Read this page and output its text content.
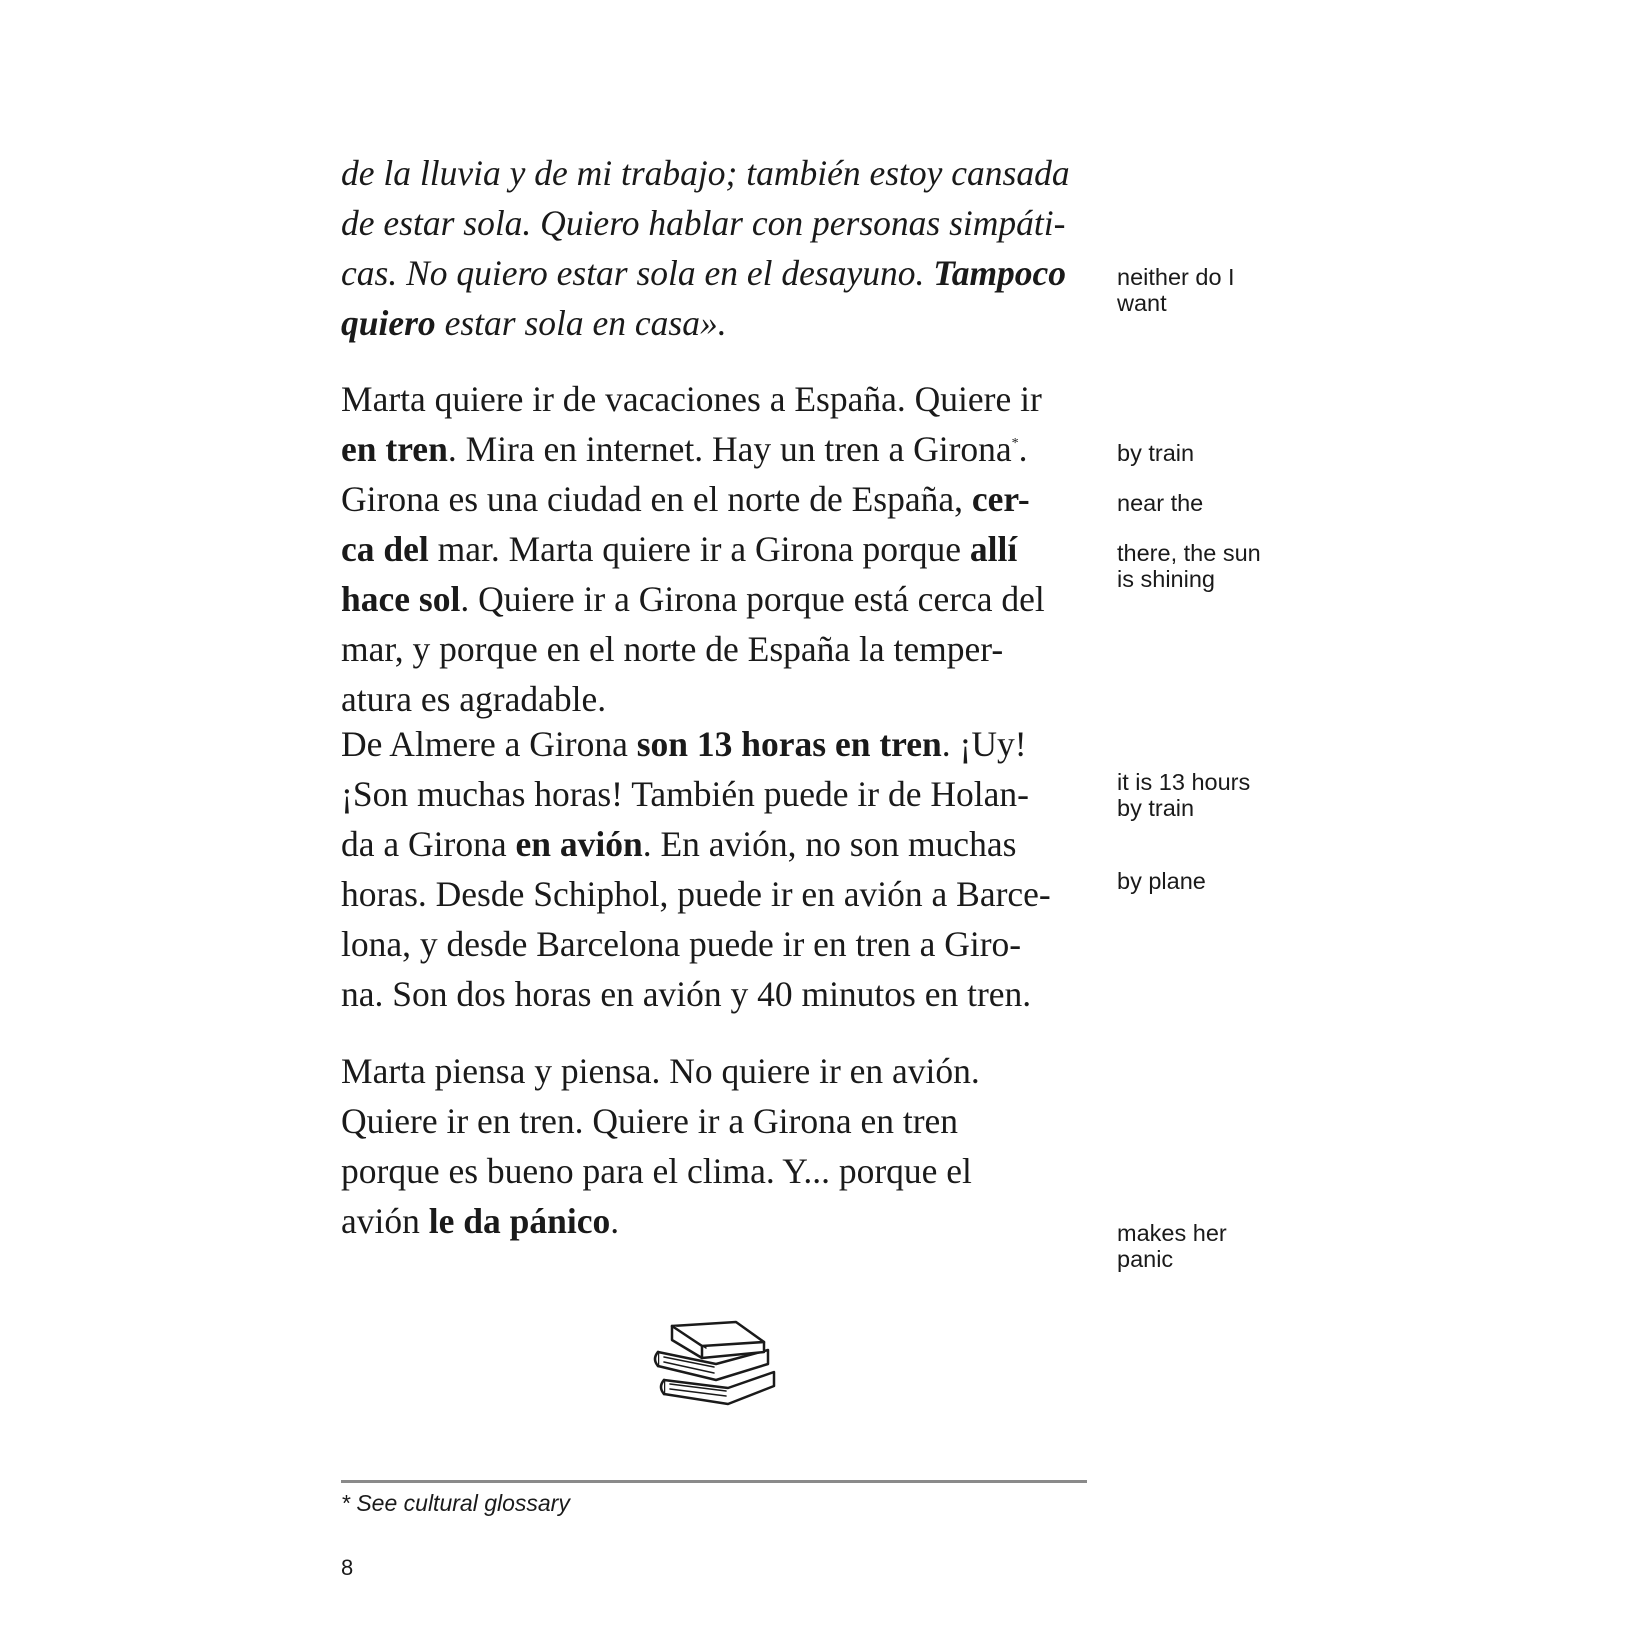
de la lluvia y de mi trabajo; también estoy cansada
de estar sola. Quiero hablar con personas simpáti-
cas. No quiero estar sola en el desayuno. Tampoco
quiero estar sola en casa».
Marta quiere ir de vacaciones a España. Quiere ir
en tren. Mira en internet. Hay un tren a Girona*.
Girona es una ciudad en el norte de España, cer-
ca del mar. Marta quiere ir a Girona porque allí
hace sol. Quiere ir a Girona porque está cerca del
mar, y porque en el norte de España la temper-
atura es agradable.
De Almere a Girona son 13 horas en tren. ¡Uy!
¡Son muchas horas! También puede ir de Holan-
da a Girona en avión. En avión, no son muchas
horas. Desde Schiphol, puede ir en avión a Barce-
lona, y desde Barcelona puede ir en tren a Giro-
na. Son dos horas en avión y 40 minutos en tren.
Marta piensa y piensa. No quiere ir en avión.
Quiere ir en tren. Quiere ir a Girona en tren
porque es bueno para el clima. Y... porque el
avión le da pánico.
neither do I
want
by train
near the
there, the sun
is shining
it is 13 hours
by train
by plane
makes her
panic
* See cultural glossary
8
